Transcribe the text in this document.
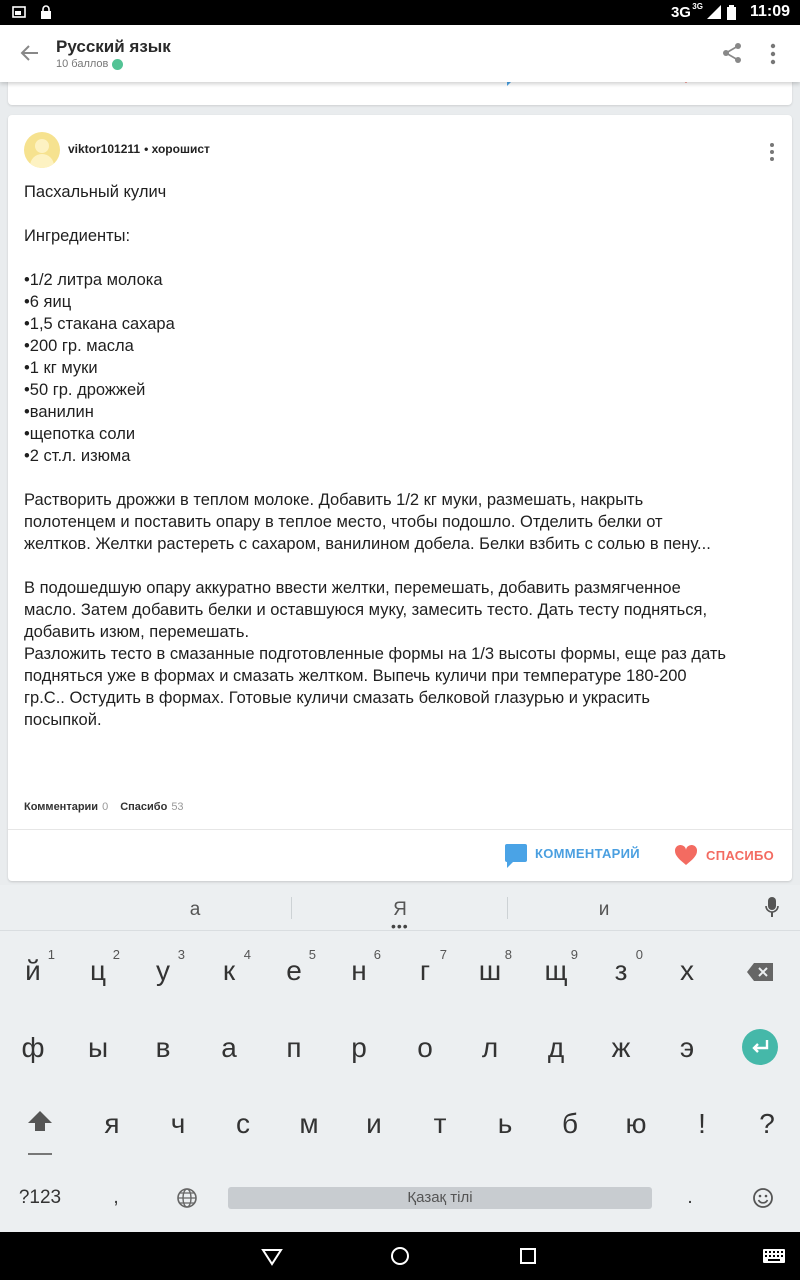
3G 3G	11:09
Русский язык
10 баллов
viktor101211 • хорошист
Пасхальный кулич
Ингредиенты:
•1/2 литра молока
•6 яиц
•1,5 стакана сахара
•200 гр. масла
•1 кг муки
•50 гр. дрожжей
•ванилин
•щепотка соли
•2 ст.л. изюма
Растворить дрожжи в теплом молоке. Добавить 1/2 кг муки, размешать, накрыть
полотенцем и поставить опару в теплое место, чтобы подошло. Отделить белки от
желтков. Желтки растереть с сахаром, ванилином добела. Белки взбить с солью в пену...
В подошедшую опару аккуратно ввести желтки, перемешать, добавить размягченное
масло. Затем добавить белки и оставшуюся муку, замесить тесто. Дать тесту подняться,
добавить изюм, перемешать.
Разложить тесто в смазанные подготовленные формы на 1/3 высоты формы, еще раз дать
подняться уже в формах и смазать желтком. Выпечь куличи при температуре 180-200
гр.С.. Остудить в формах. Готовые куличи смазать белковой глазурью и украсить
посыпкой.
Комментарии 0 Спасибо 53
КОММЕНТАРИЙ	СПАСИБО
а	Я
•••
и
й
1
ц
2
у
3
к
4
е
5
н
6
г
7
ш
8
щ
9
з
0
х
ф	ы	в	а	п	р	о	л	д	ж	э
я	ч	с	м	и	т	ь	б	ю	!	?
?123	,	.
Қазақ тілі
